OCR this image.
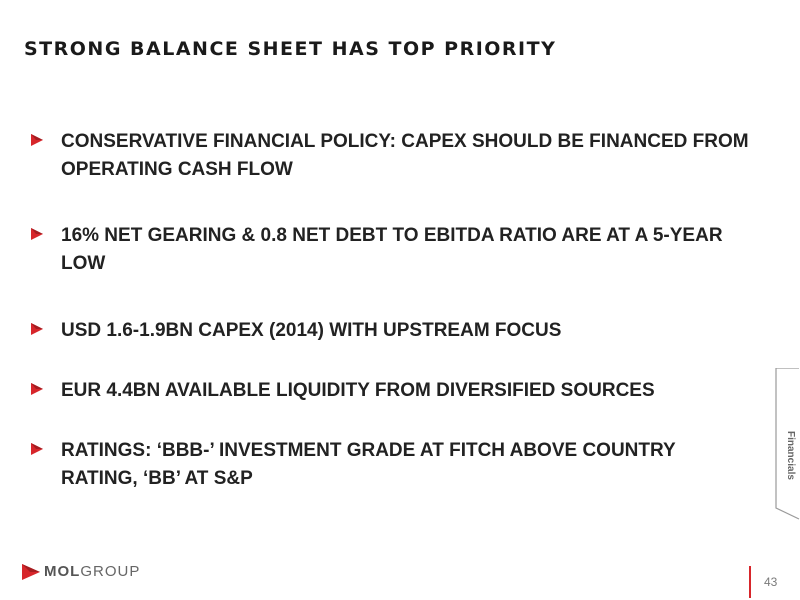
STRONG BALANCE SHEET HAS TOP PRIORITY
CONSERVATIVE FINANCIAL POLICY: CAPEX SHOULD BE FINANCED FROM OPERATING CASH FLOW
16% NET GEARING & 0.8 NET DEBT TO EBITDA RATIO ARE AT A 5-YEAR LOW
USD 1.6-1.9BN CAPEX (2014) WITH UPSTREAM FOCUS
EUR 4.4BN AVAILABLE LIQUIDITY FROM DIVERSIFIED SOURCES
RATINGS: ‘BBB-’ INVESTMENT GRADE AT FITCH ABOVE COUNTRY RATING, ‘BB’ AT S&P	Financials
MOL GROUP
43
